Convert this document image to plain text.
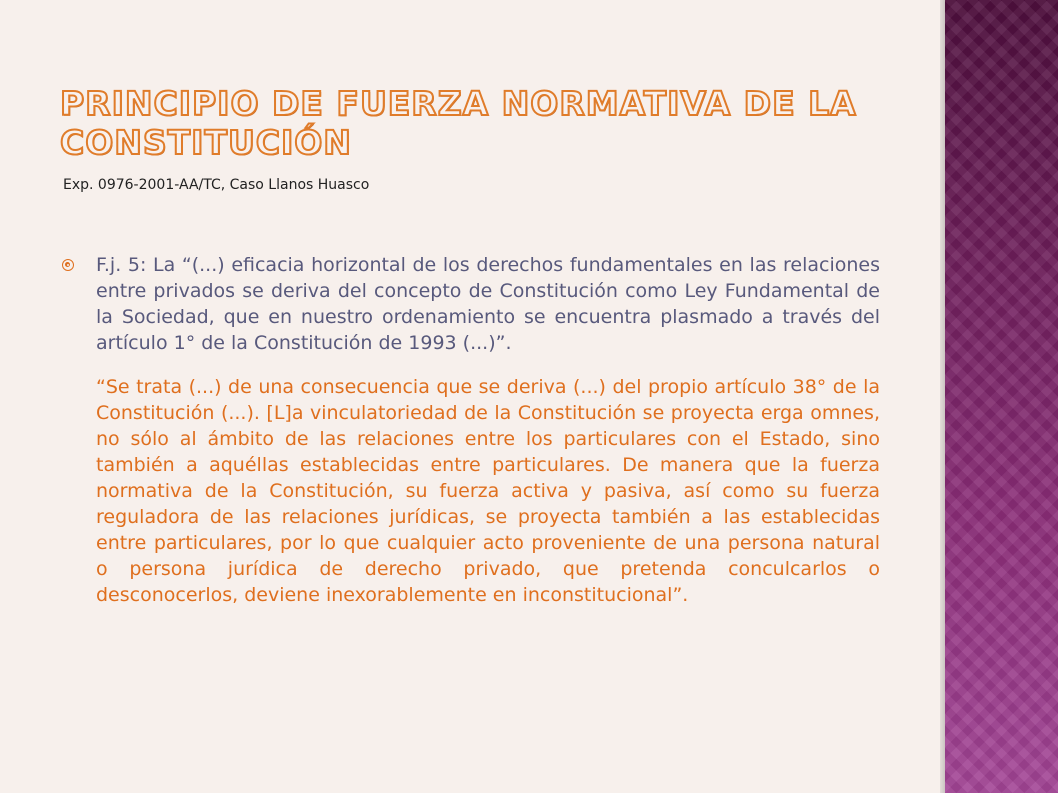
PRINCIPIO DE FUERZA NORMATIVA DE LA CONSTITUCIÓN

Exp. 0976-2001-AA/TC, Caso Llanos Huasco

F.j. 5: La “(...) eficacia horizontal de los derechos fundamentales en las relaciones entre privados se deriva del concepto de Constitución como Ley Fundamental de la Sociedad, que en nuestro ordenamiento se encuentra plasmado a través del artículo 1° de la Constitución de 1993 (...)”.

“Se trata (...) de una consecuencia que se deriva (...) del propio artículo 38° de la Constitución (...). [L]a vinculatoriedad de la Constitución se proyecta erga omnes, no sólo al ámbito de las relaciones entre los particulares con el Estado, sino también a aquéllas establecidas entre particulares. De manera que la fuerza normativa de la Constitución, su fuerza activa y pasiva, así como su fuerza reguladora de las relaciones jurídicas, se proyecta también a las establecidas entre particulares, por lo que cualquier acto proveniente de una persona natural o persona jurídica de derecho privado, que pretenda conculcarlos o desconocerlos, deviene inexorablemente en inconstitucional”.
